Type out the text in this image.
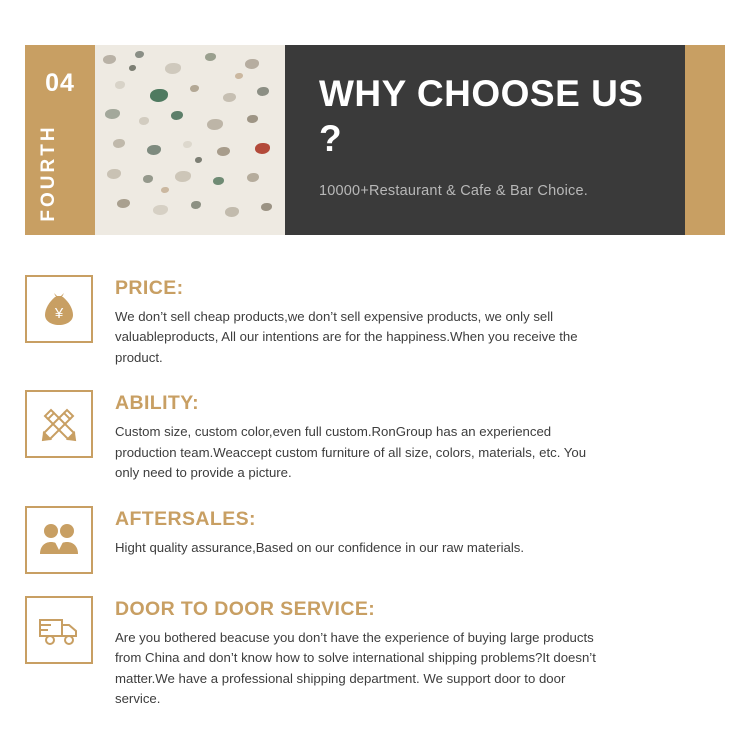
04
FOURTH
WHY CHOOSE US ?
10000+Restaurant & Cafe & Bar Choice.
¥
PRICE:
We don’t sell cheap products,we don’t sell expensive products, we only sell valuableproducts, All our intentions are for the happiness.When you receive the product.
ABILITY:
Custom size, custom color,even full custom.RonGroup has an experienced production team.Weaccept custom furniture of all size, colors, materials, etc. You only need to provide a picture.
AFTERSALES:
Hight quality assurance,Based on our confidence in our raw materials.
DOOR TO DOOR SERVICE:
Are you bothered beacuse you don’t have the experience of buying large products from China and don’t know how to solve international shipping problems?It doesn’t matter.We have a professional shipping department. We support door to door service.
